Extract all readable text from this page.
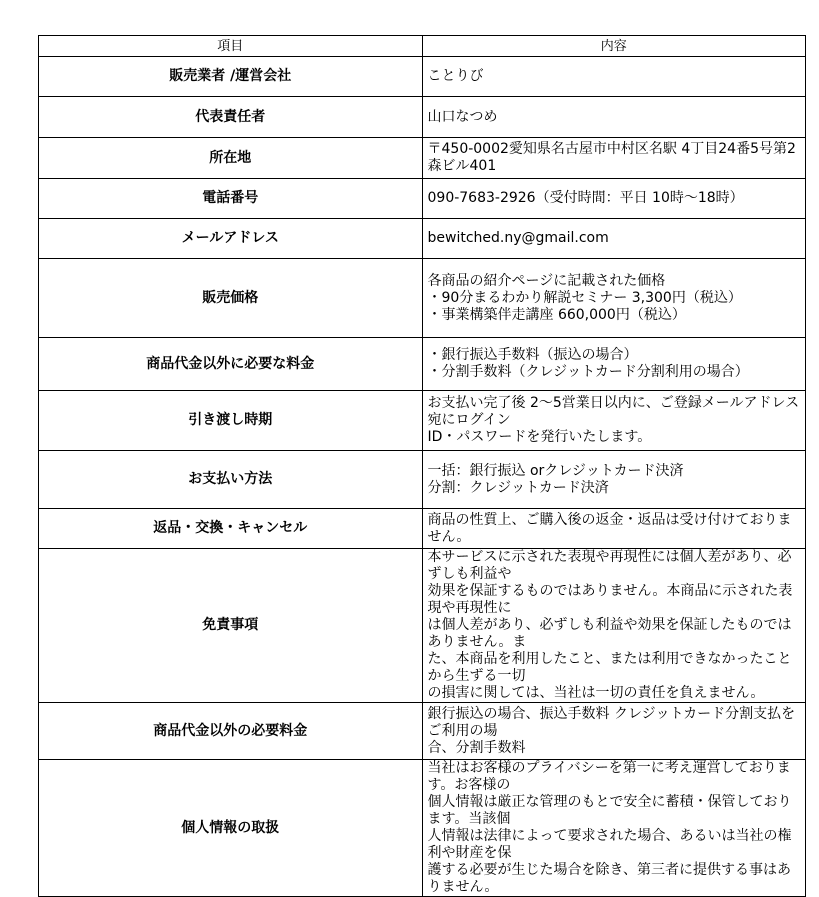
項目	内容
販売業者 /運営会社	ことりび
代表責任者	山口なつめ
所在地	〒450-0002愛知県名古屋市中村区名駅 4丁目24番5号第2森ビル401
電話番号	090-7683-2926（受付時間：平日 10時～18時）
メールアドレス	bewitched.ny@gmail.com
販売価格	各商品の紹介ページに記載された価格
・90分まるわかり解説セミナー 3,300円（税込）
・事業構築伴走講座 660,000円（税込）
商品代金以外に必要な料金	・銀行振込手数料（振込の場合）
・分割手数料（クレジットカード分割利用の場合）
引き渡し時期	お支払い完了後 2～5営業日以内に、ご登録メールアドレス宛にログイン
ID・パスワードを発行いたします。
お支払い方法	一括：銀行振込 orクレジットカード決済
分割：クレジットカード決済
返品・交換・キャンセル	商品の性質上、ご購入後の返金・返品は受け付けておりません。
免責事項	本サービスに示された表現や再現性には個人差があり、必ずしも利益や
効果を保証するものではありません。本商品に示された表現や再現性に
は個人差があり、必ずしも利益や効果を保証したものではありません。ま
た、本商品を利用したこと、または利用できなかったことから生ずる一切
の損害に関しては、当社は一切の責任を負えません。
商品代金以外の必要料金	銀行振込の場合、振込手数料 クレジットカード分割支払をご利用の場
合、分割手数料
個人情報の取扱	当社はお客様のプライバシーを第一に考え運営しております。お客様の
個人情報は厳正な管理のもとで安全に蓄積・保管しております。当該個
人情報は法律によって要求された場合、あるいは当社の権利や財産を保
護する必要が生じた場合を除き、第三者に提供する事はありません。
